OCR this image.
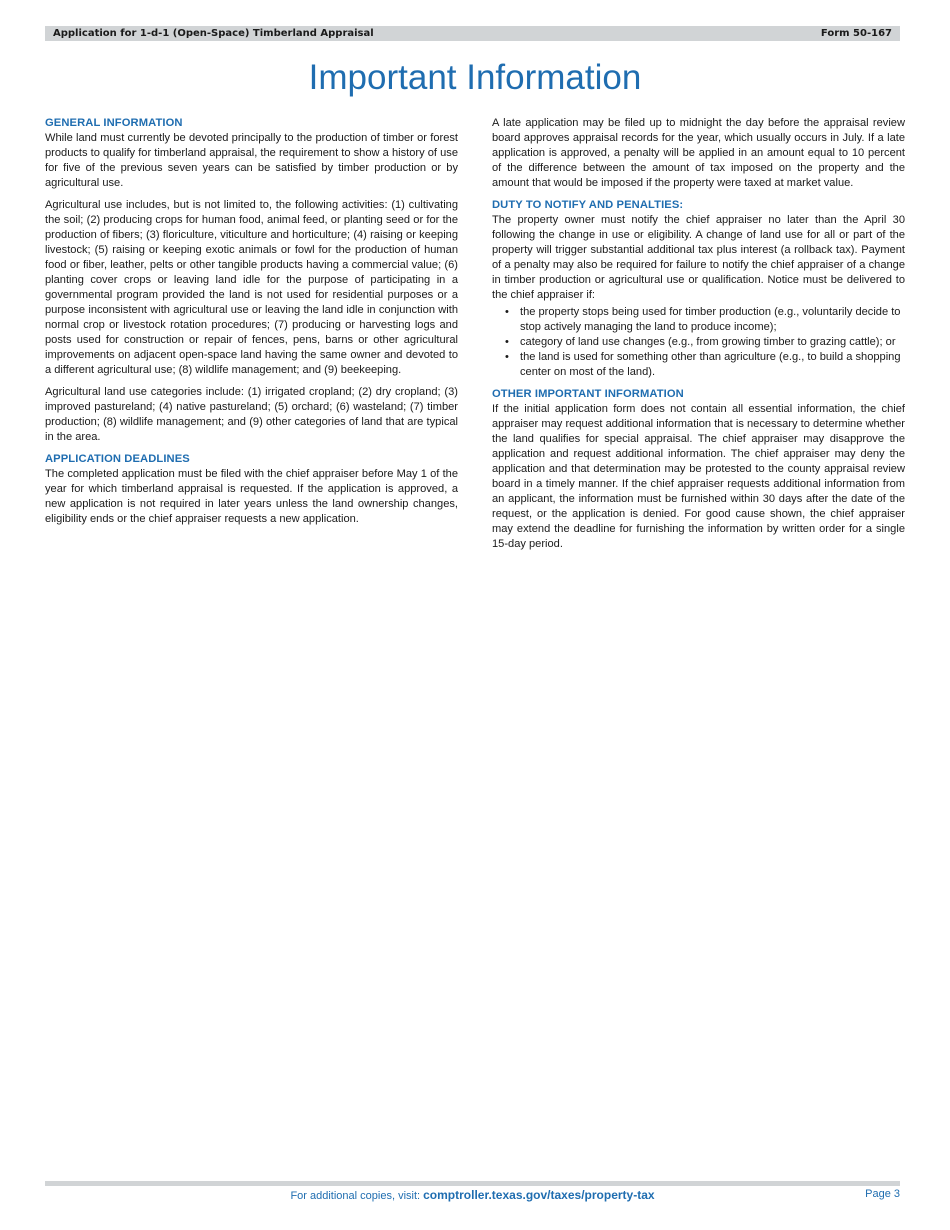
Application for 1-d-1 (Open-Space) Timberland Appraisal	Form 50-167
Important Information
GENERAL INFORMATION

While land must currently be devoted principally to the production of timber or forest products to qualify for timberland appraisal, the requirement to show a history of use for five of the previous seven years can be satisfied by timber production or by agricultural use.

Agricultural use includes, but is not limited to, the following activities: (1) cultivating the soil; (2) producing crops for human food, animal feed, or planting seed or for the production of fibers; (3) floriculture, viticulture and horticulture; (4) raising or keeping livestock; (5) raising or keeping exotic animals or fowl for the production of human food or fiber, leather, pelts or other tangible products having a commercial value; (6) planting cover crops or leaving land idle for the purpose of participating in a governmental program provided the land is not used for residential purposes or a purpose inconsistent with agricultural use or leaving the land idle in conjunction with normal crop or livestock rotation procedures; (7) producing or harvesting logs and posts used for construction or repair of fences, pens, barns or other agricultural improvements on adjacent open-space land having the same owner and devoted to a different agricultural use; (8) wildlife management; and (9) beekeeping.

Agricultural land use categories include: (1) irrigated cropland; (2) dry cropland; (3) improved pastureland; (4) native pastureland; (5) orchard; (6) wasteland; (7) timber production; (8) wildlife management; and (9) other categories of land that are typical in the area.

APPLICATION DEADLINES

The completed application must be filed with the chief appraiser before May 1 of the year for which timberland appraisal is requested. If the application is approved, a new application is not required in later years unless the land ownership changes, eligibility ends or the chief appraiser requests a new application.

A late application may be filed up to midnight the day before the appraisal review board approves appraisal records for the year, which usually occurs in July. If a late application is approved, a penalty will be applied in an amount equal to 10 percent of the difference between the amount of tax imposed on the property and the amount that would be imposed if the property were taxed at market value.

DUTY TO NOTIFY AND PENALTIES:

The property owner must notify the chief appraiser no later than the April 30 following the change in use or eligibility. A change of land use for all or part of the property will trigger substantial additional tax plus interest (a rollback tax). Payment of a penalty may also be required for failure to notify the chief appraiser of a change in timber production or agricultural use or qualification. Notice must be delivered to the chief appraiser if:

• the property stops being used for timber production (e.g., voluntarily decide to stop actively managing the land to produce income);
• category of land use changes (e.g., from growing timber to grazing cattle); or
• the land is used for something other than agriculture (e.g., to build a shopping center on most of the land).
OTHER IMPORTANT INFORMATION

If the initial application form does not contain all essential information, the chief appraiser may request additional information that is necessary to determine whether the land qualifies for special appraisal. The chief appraiser may disapprove the application and request additional information. The chief appraiser may deny the application and that determination may be protested to the county appraisal review board in a timely manner. If the chief appraiser requests additional information from an applicant, the information must be furnished within 30 days after the date of the request, or the application is denied. For good cause shown, the chief appraiser may extend the deadline for furnishing the information by written order for a single 15-day period.

For additional copies, visit: comptroller.texas.gov/taxes/property-tax	Page 3
